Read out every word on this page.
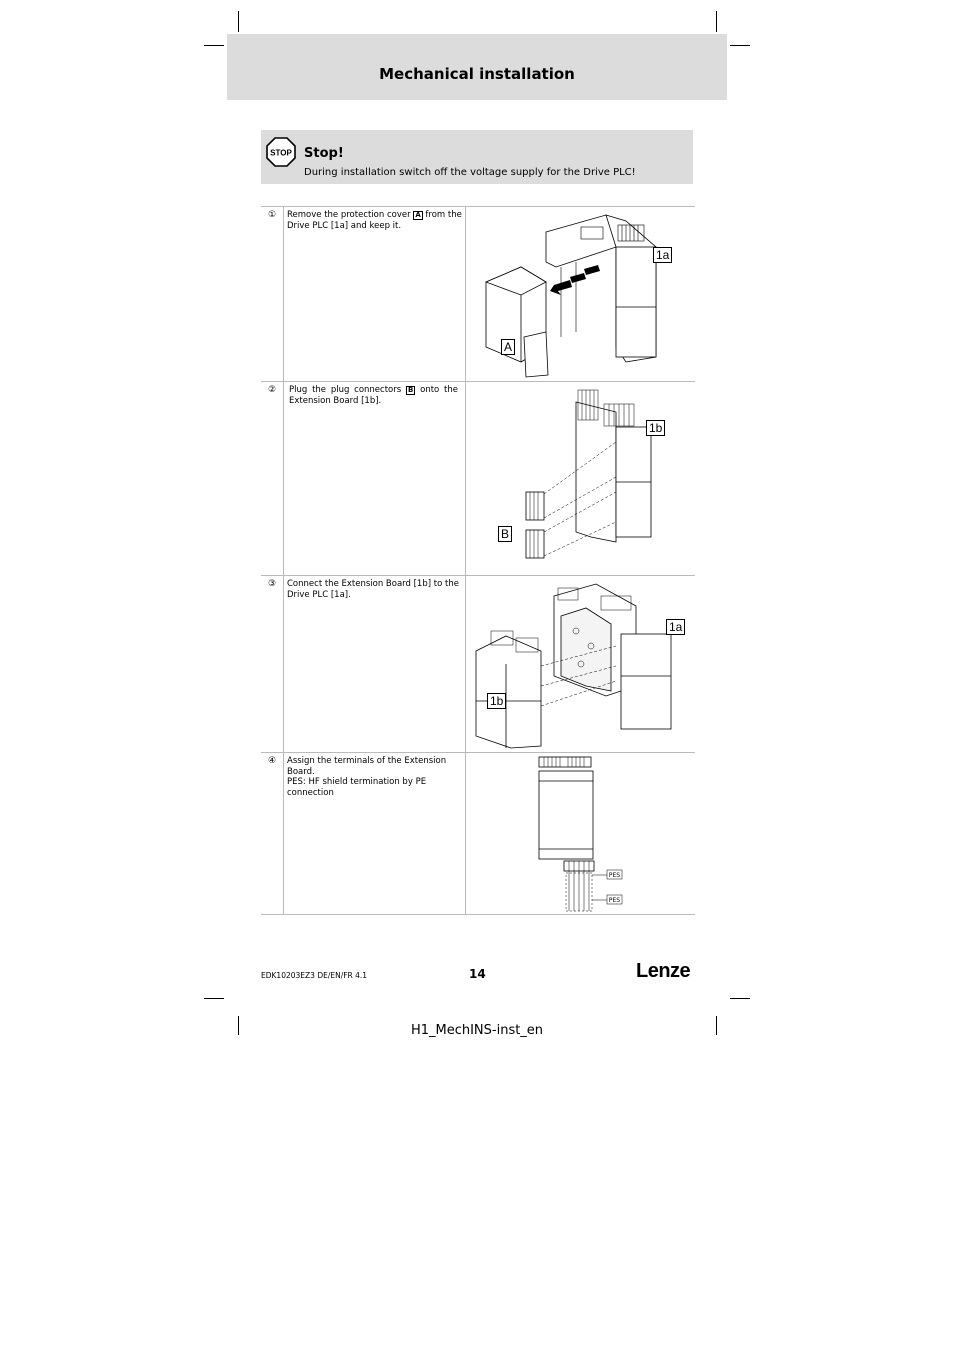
Mechanical installation
STOP Stop!
During installation switch off the voltage supply for the Drive PLC!
①	Remove the protection cover A from the Drive PLC [1a] and keep it.
1a
A
②	Plug the plug connectors B onto the Extension Board [1b].
1b
B
③	Connect the Extension Board [1b] to the Drive PLC [1a].
1a
1b
④	Assign the terminals of the Extension Board.
PES: HF shield termination by PE connection
PES
PES
EDK10203EZ3 DE/EN/FR 4.1	14	Lenze
H1_MechINS-inst_en
